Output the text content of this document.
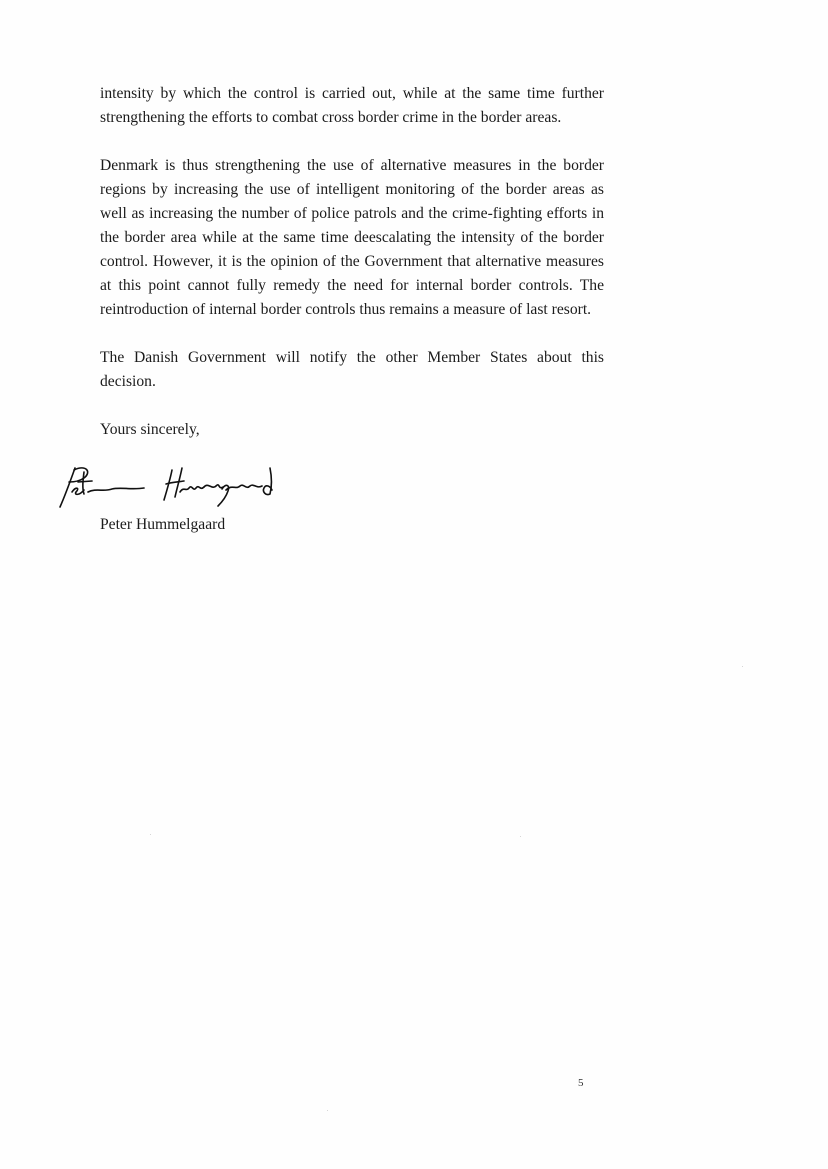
intensity by which the control is carried out, while at the same time further strengthening the efforts to combat cross border crime in the border areas.

Denmark is thus strengthening the use of alternative measures in the border regions by increasing the use of intelligent monitoring of the border areas as well as increasing the number of police patrols and the crime-fighting efforts in the border area while at the same time deescalating the intensity of the border control. However, it is the opinion of the Government that alternative measures at this point cannot fully remedy the need for internal border controls. The reintroduction of internal border controls thus remains a measure of last resort.

The Danish Government will notify the other Member States about this decision.

Yours sincerely,

Peter Hummelgaard
5
